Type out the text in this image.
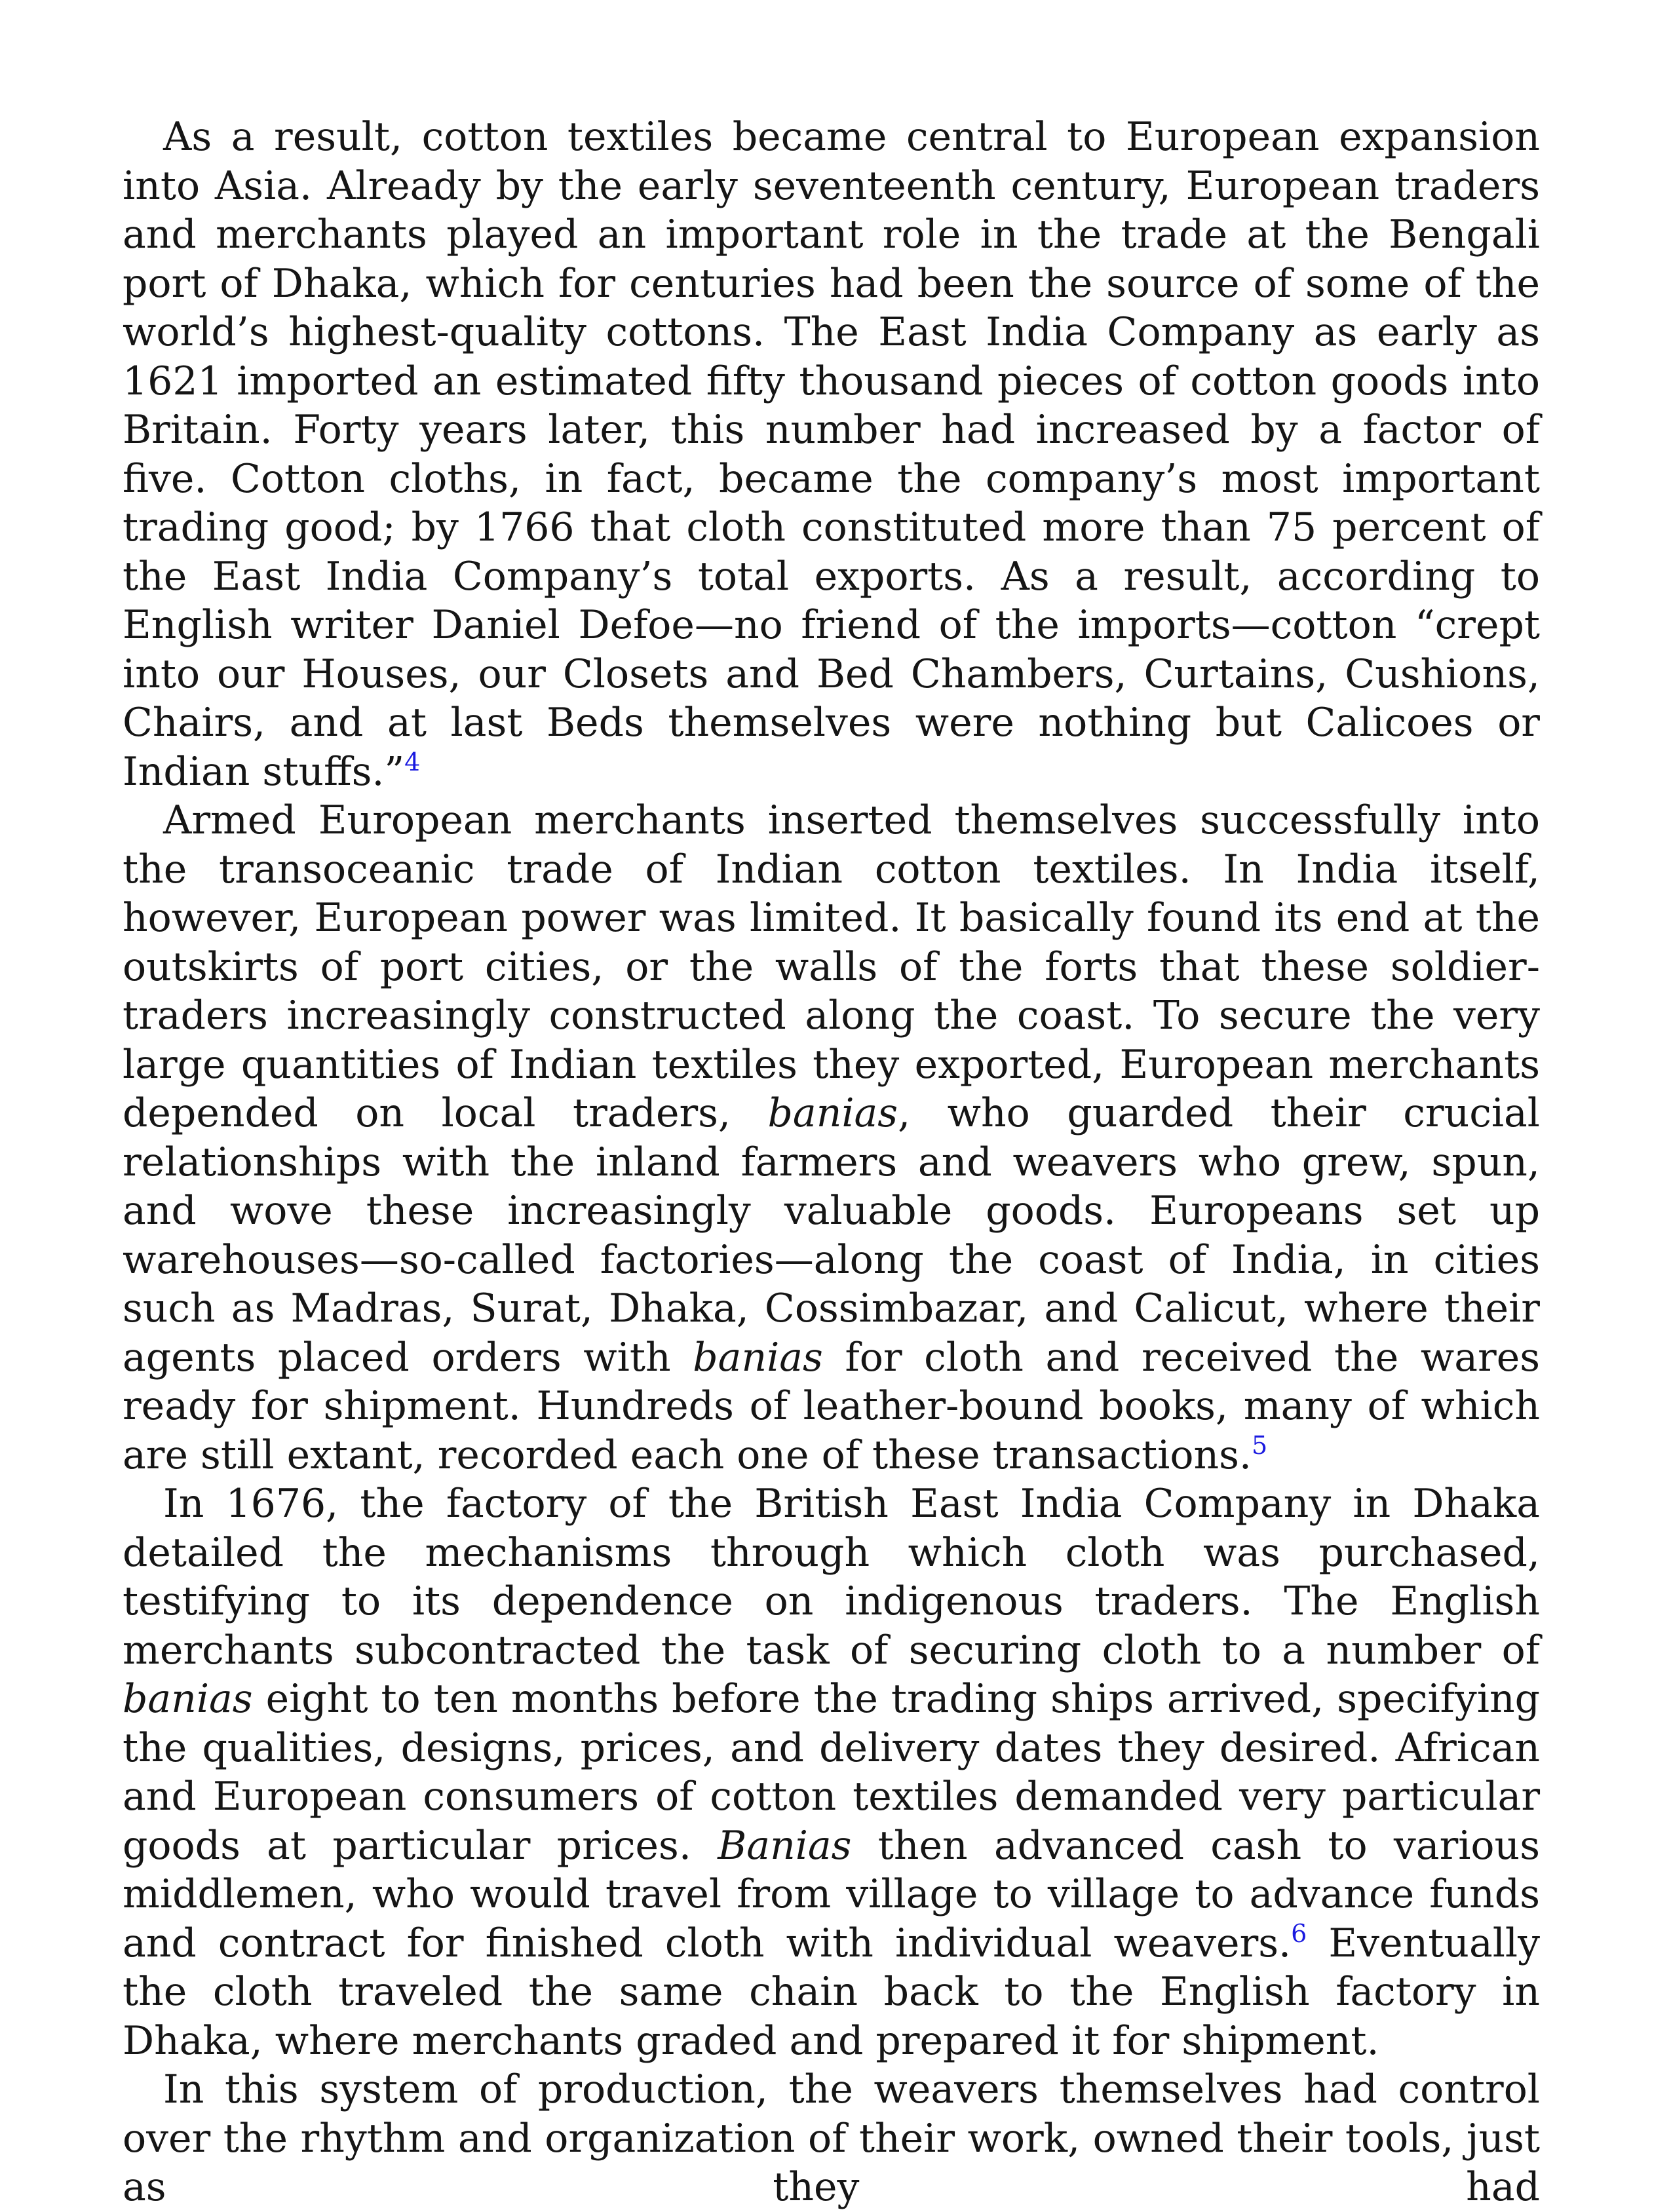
As a result, cotton textiles became central to European expansion into Asia. Already by the early seventeenth century, European traders and merchants played an important role in the trade at the Bengali port of Dhaka, which for centuries had been the source of some of the world’s highest-quality cottons. The East India Company as early as 1621 imported an estimated fifty thousand pieces of cotton goods into Britain. Forty years later, this number had increased by a factor of five. Cotton cloths, in fact, became the company’s most important trading good; by 1766 that cloth constituted more than 75 percent of the East India Company’s total exports. As a result, according to English writer Daniel Defoe—no friend of the imports—cotton “crept into our Houses, our Closets and Bed Chambers, Curtains, Cushions, Chairs, and at last Beds themselves were nothing but Calicoes or Indian stuffs.”$^4$

Armed European merchants inserted themselves successfully into the transoceanic trade of Indian cotton textiles. In India itself, however, European power was limited. It basically found its end at the outskirts of port cities, or the walls of the forts that these soldier-traders increasingly constructed along the coast. To secure the very large quantities of Indian textiles they exported, European merchants depended on local traders, banias, who guarded their crucial relationships with the inland farmers and weavers who grew, spun, and wove these increasingly valuable goods. Europeans set up warehouses—so-called factories—along the coast of India, in cities such as Madras, Surat, Dhaka, Cossimbazar, and Calicut, where their agents placed orders with banias for cloth and received the wares ready for shipment. Hundreds of leather-bound books, many of which are still extant, recorded each one of these transactions.$^5$

In 1676, the factory of the British East India Company in Dhaka detailed the mechanisms through which cloth was purchased, testifying to its dependence on indigenous traders. The English merchants subcontracted the task of securing cloth to a number of banias eight to ten months before the trading ships arrived, specifying the qualities, designs, prices, and delivery dates they desired. African and European consumers of cotton textiles demanded very particular goods at particular prices. Banias then advanced cash to various middlemen, who would travel from village to village to advance funds and contract for finished cloth with individual weavers.$^6$ Eventually the cloth traveled the same chain back to the English factory in Dhaka, where merchants graded and prepared it for shipment.

In this system of production, the weavers themselves had control over the rhythm and organization of their work, owned their tools, just as they had
